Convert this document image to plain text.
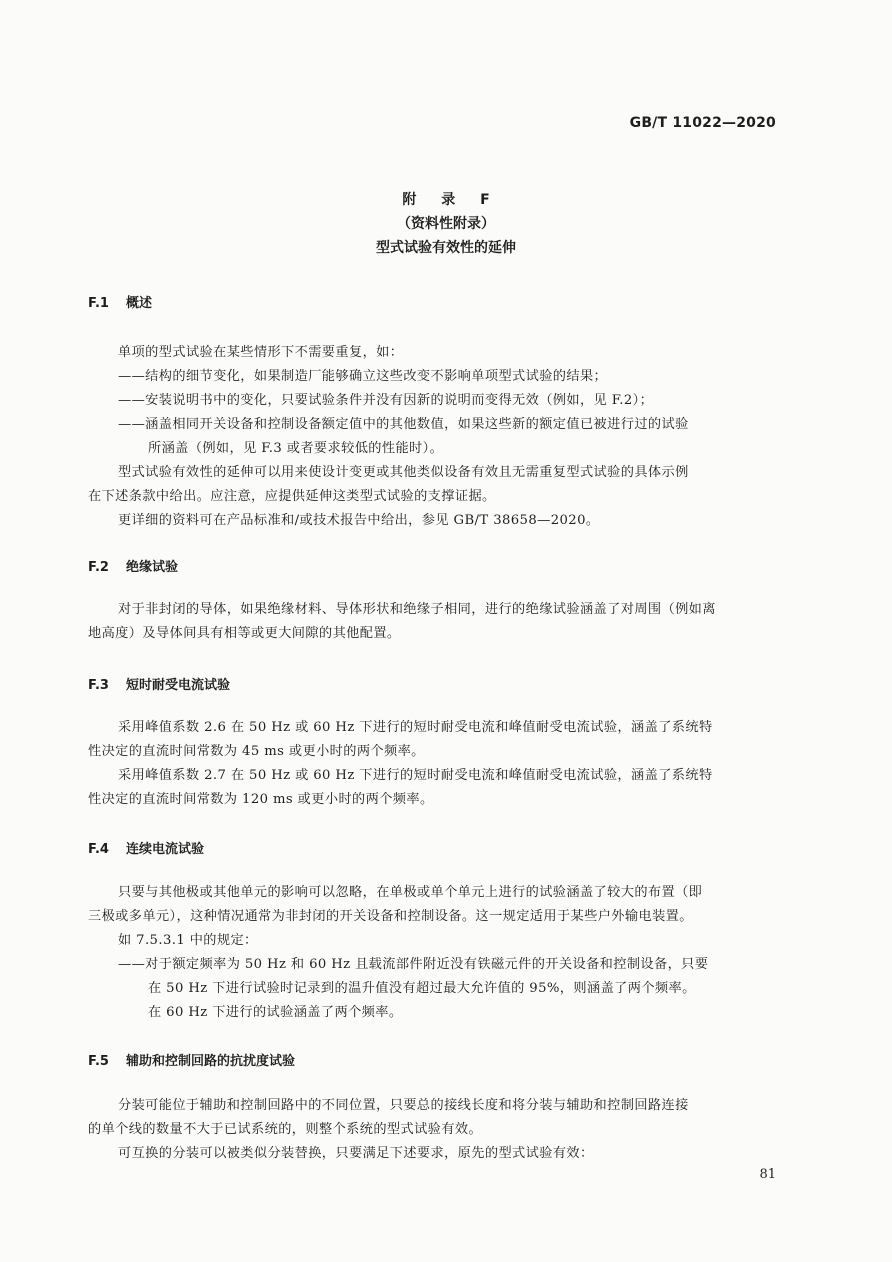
GB/T 11022—2020
附 录 F
（资料性附录）
型式试验有效性的延伸
F.1 概述
单项的型式试验在某些情形下不需要重复，如：
——结构的细节变化，如果制造厂能够确立这些改变不影响单项型式试验的结果；
——安装说明书中的变化，只要试验条件并没有因新的说明而变得无效（例如，见 F.2）；
——涵盖相同开关设备和控制设备额定值中的其他数值，如果这些新的额定值已被进行过的试验
所涵盖（例如，见 F.3 或者要求较低的性能时）。
型式试验有效性的延伸可以用来使设计变更或其他类似设备有效且无需重复型式试验的具体示例
在下述条款中给出。应注意，应提供延伸这类型式试验的支撑证据。
更详细的资料可在产品标准和/或技术报告中给出，参见 GB/T 38658—2020。
F.2 绝缘试验
对于非封闭的导体，如果绝缘材料、导体形状和绝缘子相同，进行的绝缘试验涵盖了对周围（例如离
地高度）及导体间具有相等或更大间隙的其他配置。
F.3 短时耐受电流试验
采用峰值系数 2.6 在 50 Hz 或 60 Hz 下进行的短时耐受电流和峰值耐受电流试验，涵盖了系统特
性决定的直流时间常数为 45 ms 或更小时的两个频率。
采用峰值系数 2.7 在 50 Hz 或 60 Hz 下进行的短时耐受电流和峰值耐受电流试验，涵盖了系统特
性决定的直流时间常数为 120 ms 或更小时的两个频率。
F.4 连续电流试验
只要与其他极或其他单元的影响可以忽略，在单极或单个单元上进行的试验涵盖了较大的布置（即
三极或多单元），这种情况通常为非封闭的开关设备和控制设备。这一规定适用于某些户外输电装置。
如 7.5.3.1 中的规定：
——对于额定频率为 50 Hz 和 60 Hz 且载流部件附近没有铁磁元件的开关设备和控制设备，只要
在 50 Hz 下进行试验时记录到的温升值没有超过最大允许值的 95%，则涵盖了两个频率。
在 60 Hz 下进行的试验涵盖了两个频率。
F.5 辅助和控制回路的抗扰度试验
分装可能位于辅助和控制回路中的不同位置，只要总的接线长度和将分装与辅助和控制回路连接
的单个线的数量不大于已试系统的，则整个系统的型式试验有效。
可互换的分装可以被类似分装替换，只要满足下述要求，原先的型式试验有效：
81
